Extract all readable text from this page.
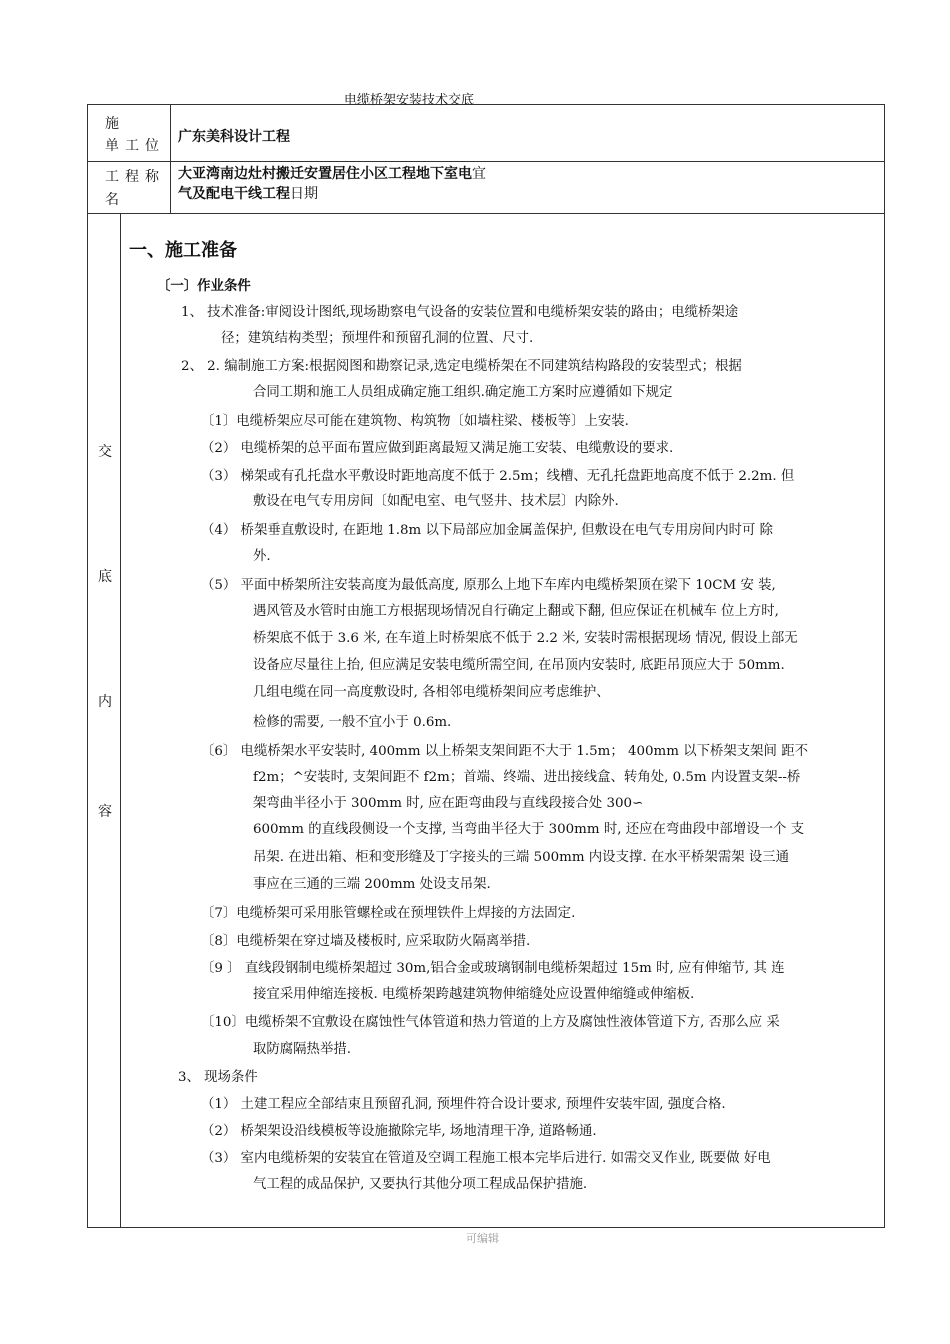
电缆桥架安装技术交底
施
单工位
广东美科设计工程
工程称
名
大亚湾南边灶村搬迁安置居住小区工程地下室电宜
气及配电干线工程日期
交
底
内
容
一、施工准备
〔一〕作业条件
1、 技术准备:审阅设计图纸,现场勘察电气设备的安装位置和电缆桥架安装的路由；电缆桥架途
径；建筑结构类型；预埋件和预留孔洞的位置、尺寸.
2、 2. 编制施工方案:根据阅图和勘察记录,选定电缆桥架在不同建筑结构路段的安装型式；根据
合同工期和施工人员组成确定施工组织.确定施工方案时应遵循如下规定
〔1〕电缆桥架应尽可能在建筑物、构筑物〔如墙柱梁、楼板等〕上安装.
（2） 电缆桥架的总平面布置应做到距离最短又满足施工安装、电缆敷设的要求.
（3） 梯架或有孔托盘水平敷设时距地高度不低于 2.5m；线槽、无孔托盘距地高度不低于 2.2m. 但
敷设在电气专用房间〔如配电室、电气竖井、技术层〕内除外.
（4） 桥架垂直敷设时, 在距地 1.8m 以下局部应加金属盖保护, 但敷设在电气专用房间内时可 除
外.
（5） 平面中桥架所注安装高度为最低高度, 原那么上地下车库内电缆桥架顶在梁下 10CM 安 装,
遇风管及水管时由施工方根据现场情况自行确定上翻或下翻, 但应保证在机械车 位上方时,
桥架底不低于 3.6 米, 在车道上时桥架底不低于 2.2 米, 安装时需根据现场 情况, 假设上部无
设备应尽量往上抬, 但应满足安装电缆所需空间, 在吊顶内安装时, 底距吊顶应大于 50mm.
几组电缆在同一高度敷设时, 各相邻电缆桥架间应考虑维护、
检修的需要, 一般不宜小于 0.6m.
〔6〕 电缆桥架水平安装时, 400mm 以上桥架支架间距不大于 1.5m； 400mm 以下桥架支架间 距不
f2m；^安装时, 支架间距不 f2m；首端、终端、进出接线盒、转角处, 0.5m 内设置支架--桥
架弯曲半径小于 300mm 时, 应在距弯曲段与直线段接合处 300∽
600mm 的直线段侧设一个支撑, 当弯曲半径大于 300mm 时, 还应在弯曲段中部增设一个 支
吊架. 在进出箱、柜和变形缝及丁字接头的三端 500mm 内设支撑. 在水平桥架需架 设三通
事应在三通的三端 200mm 处设支吊架.
〔7〕电缆桥架可采用胀管螺栓或在预埋铁件上焊接的方法固定.
〔8〕电缆桥架在穿过墙及楼板时, 应采取防火隔离举措.
〔9 〕 直线段钢制电缆桥架超过 30m,铝合金或玻璃钢制电缆桥架超过 15m 时, 应有伸缩节, 其 连
接宜采用伸缩连接板. 电缆桥架跨越建筑物伸缩缝处应设置伸缩缝或伸缩板.
〔10〕电缆桥架不宜敷设在腐蚀性气体管道和热力管道的上方及腐蚀性液体管道下方, 否那么应 采
取防腐隔热举措.
3、 现场条件
（1） 土建工程应全部结束且预留孔洞, 预埋件符合设计要求, 预埋件安装牢固, 强度合格.
（2） 桥架架设沿线模板等设施撤除完毕, 场地清理干净, 道路畅通.
（3） 室内电缆桥架的安装宜在管道及空调工程施工根本完毕后进行. 如需交叉作业, 既要做 好电
气工程的成品保护, 又要执行其他分项工程成品保护措施.
可编辑
